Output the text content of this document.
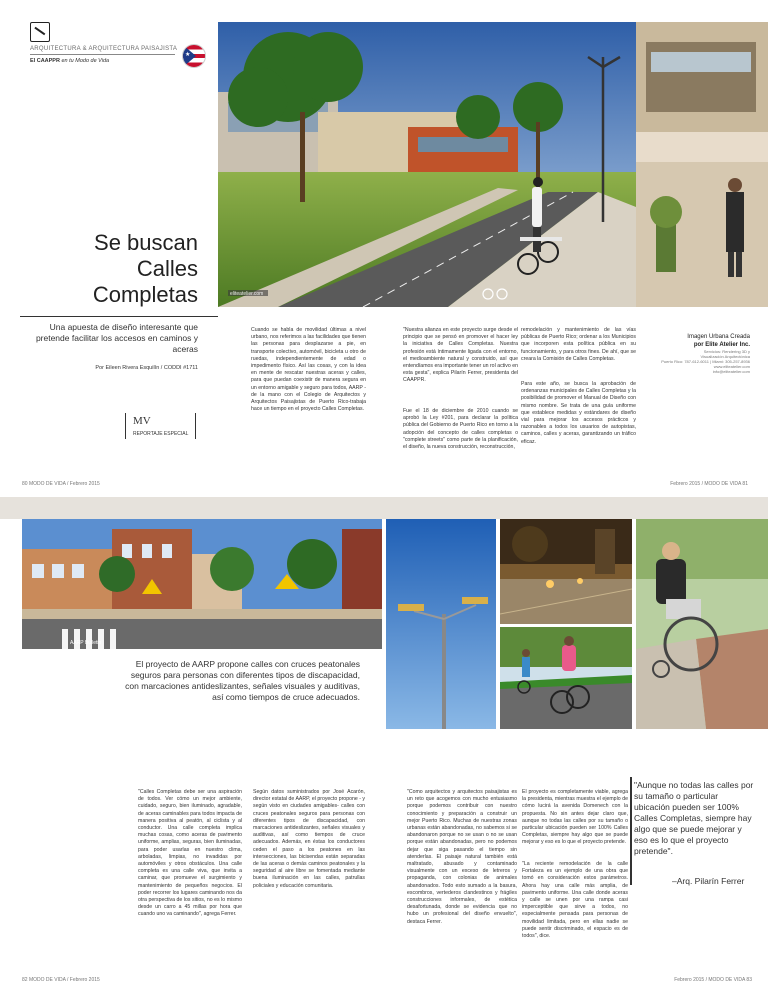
ARQUITECTURA & ARQUITECTURA PAISAJISTA
El CAAPPR en tu Modo de Vida
★
Se buscan
Calles
Completas
Una apuesta de diseño interesante que pretende facilitar los accesos en caminos y aceras
Por Eileen Rivera Esquilín / CODDI #1711
MV
REPORTAJE ESPECIAL
80 MODO DE VIDA / Febrero 2015
eliteatelier.com
Cuando se habla de movilidad últimas a nivel urbano, nos referimos a las facilidades que tienen las personas para desplazarse a pie, en transporte colectivo, automóvil, bicicleta u otro de ruedas, independientemente de edad o impedimento físico. Así las cosas, y con la idea en mente de rescatar nuestras aceras y calles, para que puedan coexistir de manera segura en un entorno amigable y seguro para todos, AARP -de la mano con el Colegio de Arquitectos y Arquitectos Paisajistas de Puerto Rico-trabaja hace un tiempo en el proyecto Calles Completas.
"Nuestra alianza en este proyecto surge desde el principio que se pensó en promover el hacer ley la iniciativa de Calles Completas. Nuestra profesión está íntimamente ligada con el entorno, el medioambiente natural y construido, así que entendíamos era importante tener un rol activo en esta gesta", explica Pilarín Ferrer, presidenta del CAAPPR.
Fue el 18 de diciembre de 2010 cuando se aprobó la Ley #201, para declarar la política pública del Gobierno de Puerto Rico en torno a la adopción del concepto de calles completas o "complete streets" como parte de la planificación, el diseño, la nueva construcción, reconstrucción,
remodelación y mantenimiento de las vías públicas de Puerto Rico; ordenar a los Municipios que incorporen esta política pública en su funcionamiento, y para otros fines. De ahí, que se creara la Comisión de Calles Completas.
Para este año, se busca la aprobación de ordenanzas municipales de Calles Completas y la posibilidad de promover el Manual de Diseño con mismo nombre. Se trata de una guía uniforme que establece medidas y estándares de diseño vial para mejorar los accesos prácticos y razonables a todos los usuarios de autopistas, caminos, calles y aceras, garantizando un tráfico eficaz.
Imagen Urbana Creada
por Elite Atelier Inc.
Servicios: Rendering 3D y
Visualización Arquitectónica
Puerto Rico: 787-612-6011 | Miami: 305-257-8936
www.eliteatelier.com
info@eliteatelier.com
Febrero 2015 / MODO DE VIDA 81
AARP Bulletin
El proyecto de AARP propone calles con cruces peatonales seguros para personas con diferentes tipos de discapacidad, con marcaciones antideslizantes, señales visuales y auditivas, así como tiempos de cruce adecuados.
"Calles Completas debe ser una aspiración de todos. Ver cómo un mejor ambiente, cuidado, seguro, bien iluminado, agradable, de aceras caminables para todos impacta de manera positiva al peatón, al ciclista y al conductor. Una calle completa implica muchas cosas, como aceras de pavimento uniforme, amplias, seguras, bien iluminadas, para poder usarlas en nuestro clima, arboladas, limpias, no invadidas por automóviles y otros obstáculos. Una calle completa es una calle viva, que invita a caminar, que promueve el surgimiento y mantenimiento de pequeños negocios. El poder recorrer los lugares caminando nos da otra perspectiva de los sitios, no es lo mismo desde un carro a 45 millas por hora que cuando uno va caminando", agrega Ferrer.
Según datos suministrados por José Acarón, director estatal de AARP, el proyecto propone - y según visto en ciudades amigables- calles con cruces peatonales seguros para personas con diferentes tipos de discapacidad, con marcaciones antideslizantes, señales visuales y auditivas, así como tiempos de cruce adecuados. Además, en éstas los conductores ceden el paso a los peatones en las intersecciones, las bicisendas están separadas de las aceras o demás caminos peatonales y la seguridad al aire libre se fomentada mediante buena iluminación en las calles, patrullas policiales y educación comunitaria.
82 MODO DE VIDA / Febrero 2015
"Como arquitectos y arquitectos paisajistas es un reto que acogemos con mucho entusiasmo porque podemos contribuir con nuestro conocimiento y preparación a construir un mejor Puerto Rico. Muchas de nuestras zonas urbanas están abandonadas, no sabemos si se abandonaron porque no se usan o no se usan porque están abandonadas, pero no podemos dejar que siga pasando el tiempo sin atenderlas. El paisaje natural también está maltratado, abusado y contaminado visualmente con un exceso de letreros y propaganda, con colonias de animales abandonados. Todo esto sumado a la basura, escombros, vertederos clandestinos y frágiles construcciones informales, de estética desafortunada, donde se evidencia que no hubo un profesional del diseño envuelto", destaca Ferrer.
El proyecto es completamente viable, agrega la presidenta, mientras muestra el ejemplo de cómo lucirá la avenida Domenech con la propuesta. No sin antes dejar claro que, aunque no todas las calles por su tamaño o particular ubicación pueden ser 100% Calles Completas, siempre hay algo que se puede mejorar y eso es lo que el proyecto pretende.
"La reciente remodelación de la calle Fortaleza es un ejemplo de una obra que tomó en consideración estos parámetros. Ahora hay una calle más amplia, de pavimento uniforme. Una calle donde aceras y calle se unen por una rampa casi imperceptible que sirve a todos, no especialmente pensada para personas de movilidad limitada, pero en ellas nadie se puede sentir discriminado, el espacio es de todos", dice.
"Aunque no todas las calles por su tamaño o particular ubicación pueden ser 100% Calles Completas, siempre hay algo que se puede mejorar y eso es lo que el proyecto pretende".
–Arq. Pilarín Ferrer
Febrero 2015 / MODO DE VIDA 83
